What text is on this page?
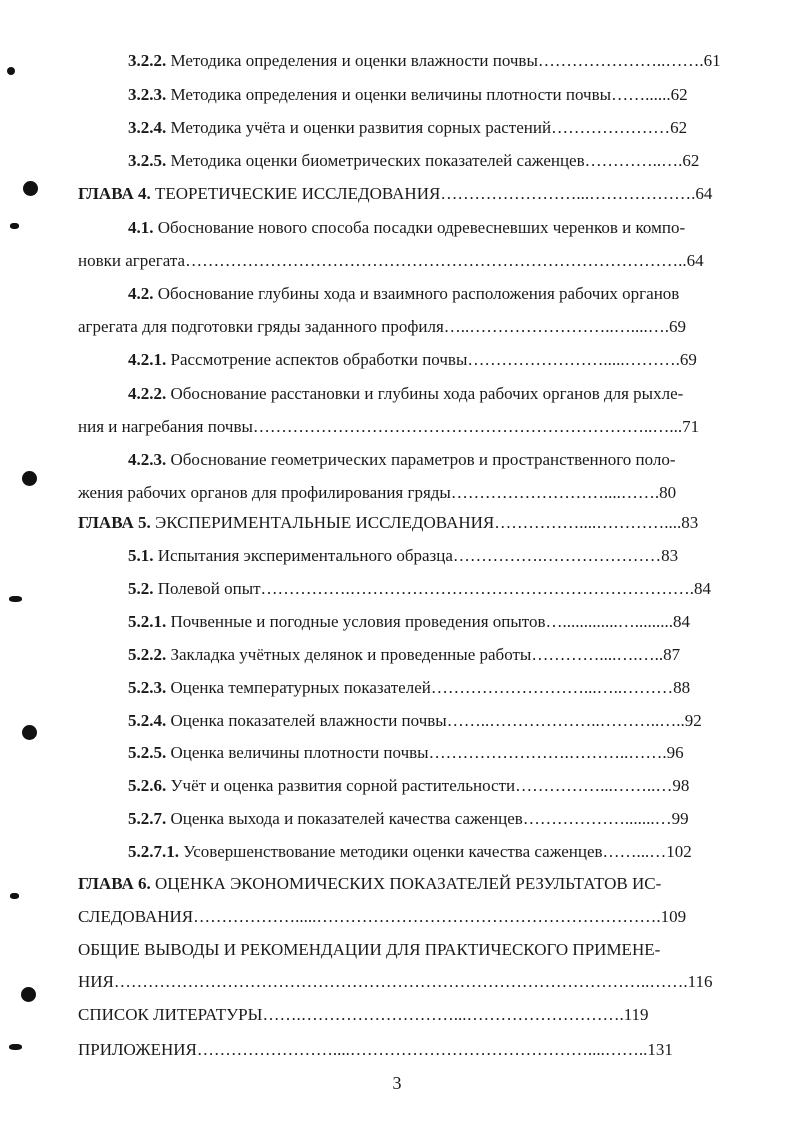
3.2.2. Методика определения и оценки влажности почвы…………………..…….61
3.2.3. Методика определения и оценки величины плотности почвы……......62
3.2.4. Методика учёта и оценки развития сорных растений…………………62
3.2.5. Методика оценки биометрических показателей саженцев…………..….62
ГЛАВА 4. ТЕОРЕТИЧЕСКИЕ ИССЛЕДОВАНИЯ……………………...……………….64
4.1. Обоснование нового способа посадки одревесневших черенков и компо-
новки агрегата……………………………………………………………………………..64
4.2. Обоснование глубины хода и взаимного расположения рабочих органов
агрегата для подготовки гряды заданного профиля…..……………………..…....….69
4.2.1. Рассмотрение аспектов обработки почвы…………………….....……….69
4.2.2. Обоснование расстановки и глубины хода рабочих органов для рыхле-
ния и нагребания почвы……………………………………………………………..…...71
4.2.3. Обоснование геометрических параметров и пространственного поло-
жения рабочих органов для профилирования гряды………………………....…….80
ГЛАВА 5. ЭКСПЕРИМЕНТАЛЬНЫЕ ИССЛЕДОВАНИЯ……………....…………....83
5.1. Испытания экспериментального образца…………….…………………83
5.2. Полевой опыт…………….…………………………………………………….84
5.2.1. Почвенные и погодные условия проведения опытов….............….........84
5.2.2. Закладка учётных делянок и проведенные работы…………....….…..87
5.2.3. Оценка температурных показателей………………………...…..………88
5.2.4. Оценка показателей влажности почвы……..………………..………..…..92
5.2.5. Оценка величины плотности почвы…………………….………..…….96
5.2.6. Учёт и оценка развития сорной растительности……………...……..…98
5.2.7. Оценка выхода и показателей качества саженцев……………….......…99
5.2.7.1. Усовершенствование методики оценки качества саженцев……...…102
ГЛАВА 6. ОЦЕНКА ЭКОНОМИЧЕСКИХ ПОКАЗАТЕЛЕЙ РЕЗУЛЬТАТОВ ИС-
СЛЕДОВАНИЯ……………….....…………………………………………………….109
ОБЩИЕ ВЫВОДЫ И РЕКОМЕНДАЦИИ ДЛЯ ПРАКТИЧЕСКОГО ПРИМЕНЕ-
НИЯ…………………………………………………………………………………..…….116
СПИСОК ЛИТЕРАТУРЫ…….………………………...……………………….119
ПРИЛОЖЕНИЯ……………………....……………………………………....……..131
3
